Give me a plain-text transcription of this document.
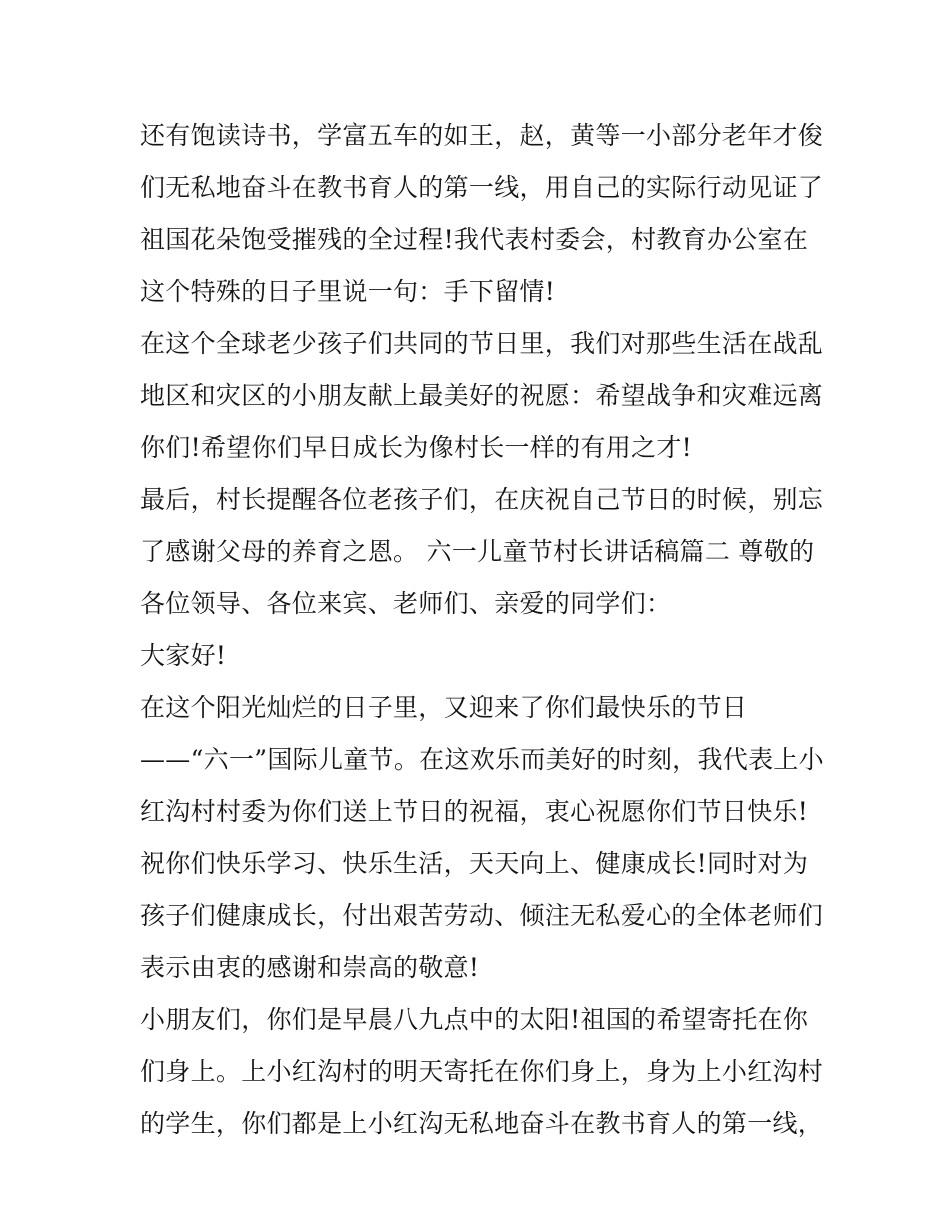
还有饱读诗书，学富五车的如王，赵，黄等一小部分老年才俊
们无私地奋斗在教书育人的第一线，用自己的实际行动见证了
祖国花朵饱受摧残的全过程!我代表村委会，村教育办公室在
这个特殊的日子里说一句：手下留情!
在这个全球老少孩子们共同的节日里，我们对那些生活在战乱
地区和灾区的小朋友献上最美好的祝愿：希望战争和灾难远离
你们!希望你们早日成长为像村长一样的有用之才!
最后，村长提醒各位老孩子们，在庆祝自己节日的时候，别忘
了感谢父母的养育之恩。 六一儿童节村长讲话稿篇二 尊敬的
各位领导、各位来宾、老师们、亲爱的同学们：
大家好!
在这个阳光灿烂的日子里，又迎来了你们最快乐的节日
——“六一”国际儿童节。在这欢乐而美好的时刻，我代表上小
红沟村村委为你们送上节日的祝福，衷心祝愿你们节日快乐!
祝你们快乐学习、快乐生活，天天向上、健康成长!同时对为
孩子们健康成长，付出艰苦劳动、倾注无私爱心的全体老师们
表示由衷的感谢和崇高的敬意!
小朋友们，你们是早晨八九点中的太阳!祖国的希望寄托在你
们身上。上小红沟村的明天寄托在你们身上，身为上小红沟村
的学生，你们都是上小红沟无私地奋斗在教书育人的第一线，
